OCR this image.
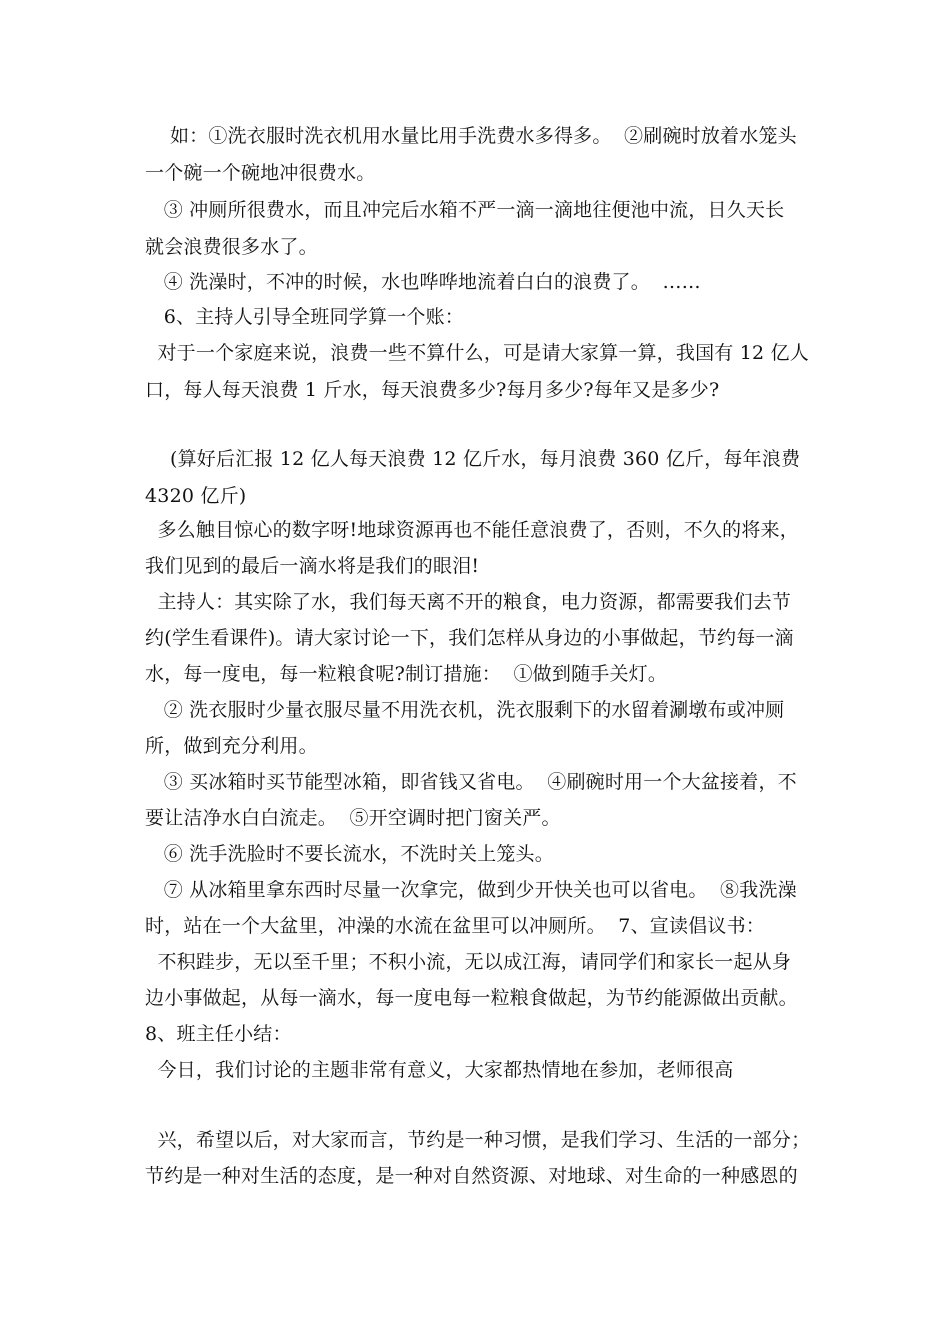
如：①洗衣服时洗衣机用水量比用手洗费水多得多。  ②刷碗时放着水笼头
一个碗一个碗地冲很费水。
③ 冲厕所很费水，而且冲完后水箱不严一滴一滴地往便池中流，日久天长
就会浪费很多水了。
④ 洗澡时，不冲的时候，水也哗哗地流着白白的浪费了。  ……
6、主持人引导全班同学算一个账：
对于一个家庭来说，浪费一些不算什么，可是请大家算一算，我国有 12 亿人
口，每人每天浪费 1 斤水，每天浪费多少?每月多少?每年又是多少?
(算好后汇报 12 亿人每天浪费 12 亿斤水，每月浪费 360 亿斤，每年浪费
4320 亿斤)
多么触目惊心的数字呀!地球资源再也不能任意浪费了，否则，不久的将来，
我们见到的最后一滴水将是我们的眼泪!
主持人：其实除了水，我们每天离不开的粮食，电力资源，都需要我们去节
约(学生看课件)。请大家讨论一下，我们怎样从身边的小事做起，节约每一滴
水，每一度电，每一粒粮食呢?制订措施：  ①做到随手关灯。
② 洗衣服时少量衣服尽量不用洗衣机，洗衣服剩下的水留着涮墩布或冲厕
所，做到充分利用。
③ 买冰箱时买节能型冰箱，即省钱又省电。  ④刷碗时用一个大盆接着，不
要让洁净水白白流走。  ⑤开空调时把门窗关严。
⑥ 洗手洗脸时不要长流水，不洗时关上笼头。
⑦ 从冰箱里拿东西时尽量一次拿完，做到少开快关也可以省电。  ⑧我洗澡
时，站在一个大盆里，冲澡的水流在盆里可以冲厕所。  7、宣读倡议书：
不积跬步，无以至千里；不积小流，无以成江海，请同学们和家长一起从身
边小事做起，从每一滴水，每一度电每一粒粮食做起，为节约能源做出贡献。
8、班主任小结：
今日，我们讨论的主题非常有意义，大家都热情地在参加，老师很高
兴，希望以后，对大家而言，节约是一种习惯，是我们学习、生活的一部分；
节约是一种对生活的态度，是一种对自然资源、对地球、对生命的一种感恩的
